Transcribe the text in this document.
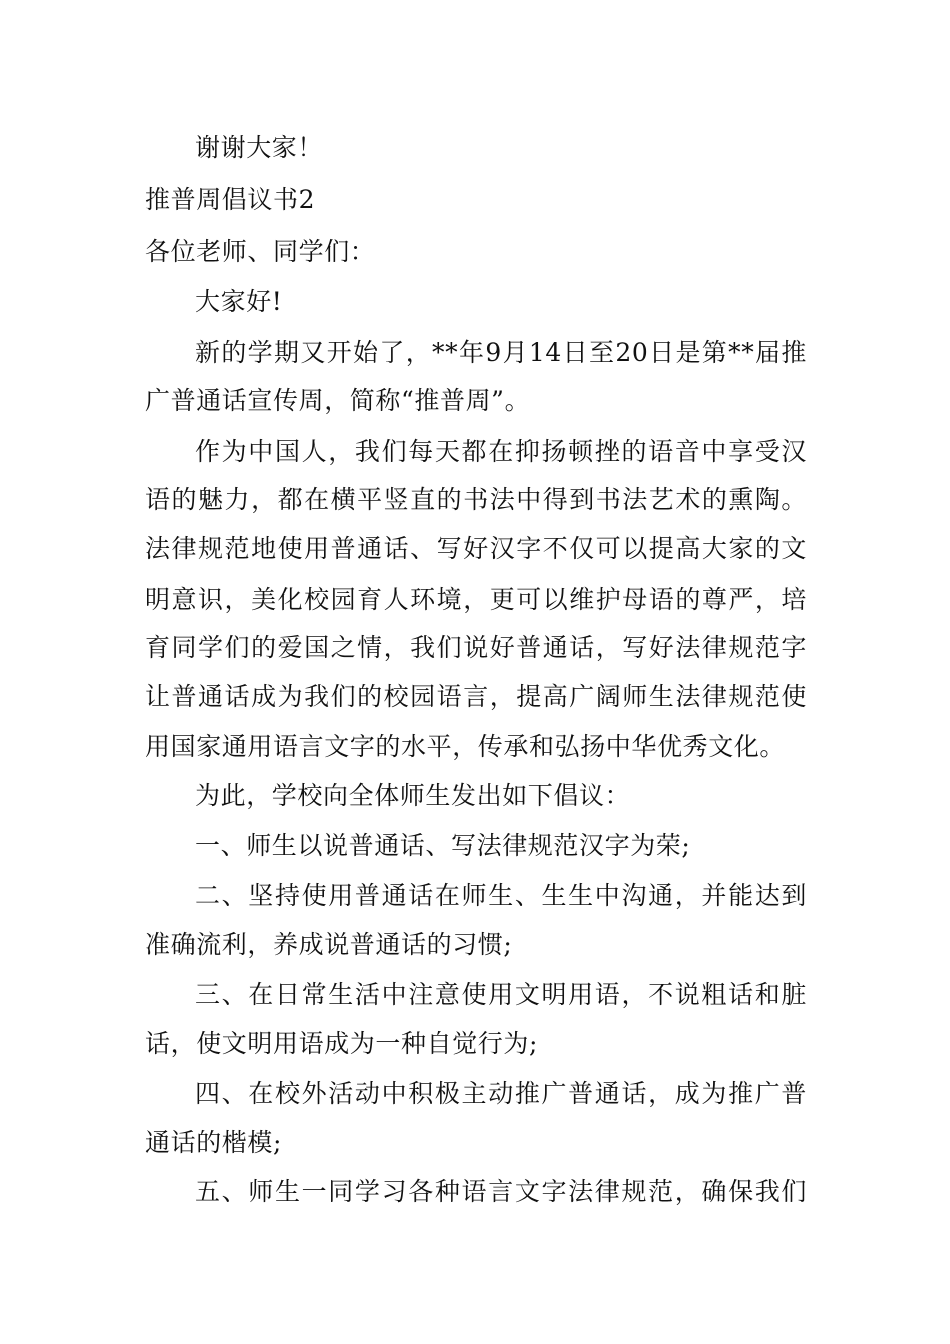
谢谢大家！
推普周倡议书2
各位老师、同学们：
大家好!
新的学期又开始了，**年9月14日至20日是第**届推
广普通话宣传周，简称“推普周”。
作为中国人，我们每天都在抑扬顿挫的语音中享受汉
语的魅力，都在横平竖直的书法中得到书法艺术的熏陶。
法律规范地使用普通话、写好汉字不仅可以提高大家的文
明意识，美化校园育人环境，更可以维护母语的尊严，培
育同学们的爱国之情，我们说好普通话，写好法律规范字
让普通话成为我们的校园语言，提高广阔师生法律规范使
用国家通用语言文字的水平，传承和弘扬中华优秀文化。
为此，学校向全体师生发出如下倡议：
一、师生以说普通话、写法律规范汉字为荣;
二、坚持使用普通话在师生、生生中沟通，并能达到
准确流利，养成说普通话的习惯;
三、在日常生活中注意使用文明用语，不说粗话和脏
话，使文明用语成为一种自觉行为;
四、在校外活动中积极主动推广普通话，成为推广普
通话的楷模;
五、师生一同学习各种语言文字法律规范，确保我们
